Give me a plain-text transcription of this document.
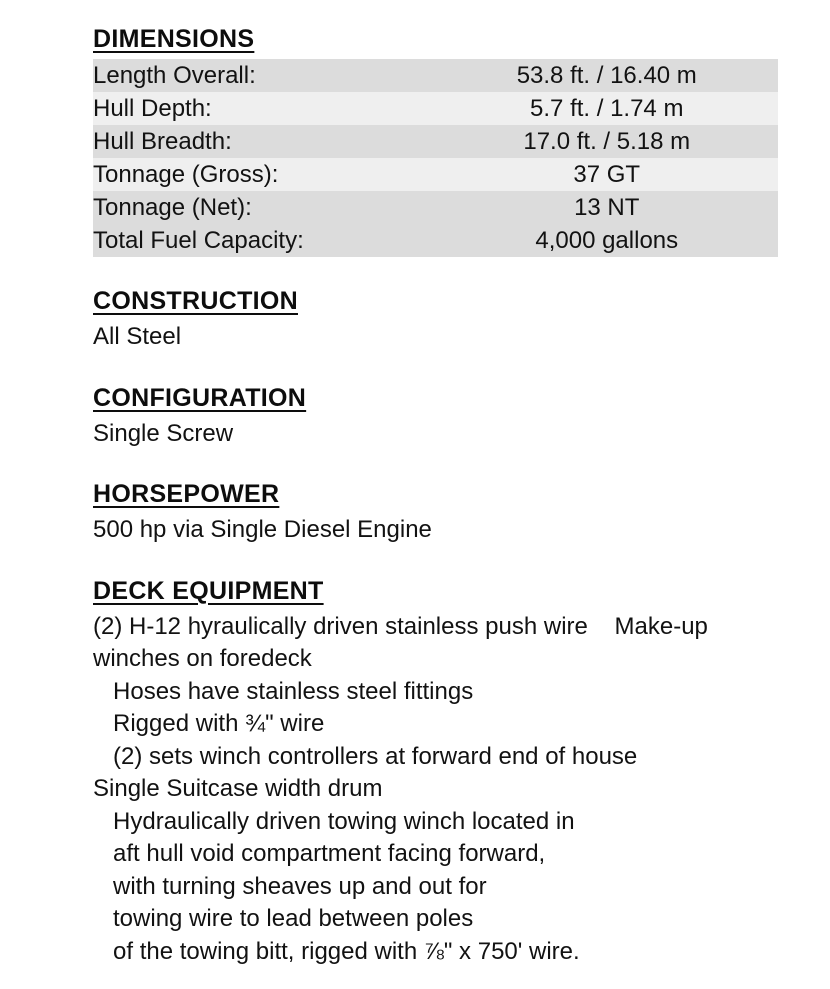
DIMENSIONS
Length Overall:	53.8 ft. / 16.40 m
Hull Depth:	5.7 ft. / 1.74 m
Hull Breadth:	17.0 ft. / 5.18 m
Tonnage (Gross):	37 GT
Tonnage (Net):	13 NT
Total Fuel Capacity:	4,000 gallons
CONSTRUCTION
All Steel
CONFIGURATION
Single Screw
HORSEPOWER
500 hp via Single Diesel Engine
DECK EQUIPMENT
(2) H-12 hyraulically driven stainless push wire    Make-up
winches on foredeck
Hoses have stainless steel fittings
Rigged with ¾" wire
(2) sets winch controllers at forward end of house
Single Suitcase width drum
Hydraulically driven towing winch located in
aft hull void compartment facing forward,
with turning sheaves up and out for
towing wire to lead between poles
of the towing bitt, rigged with ⅞" x 750' wire.
